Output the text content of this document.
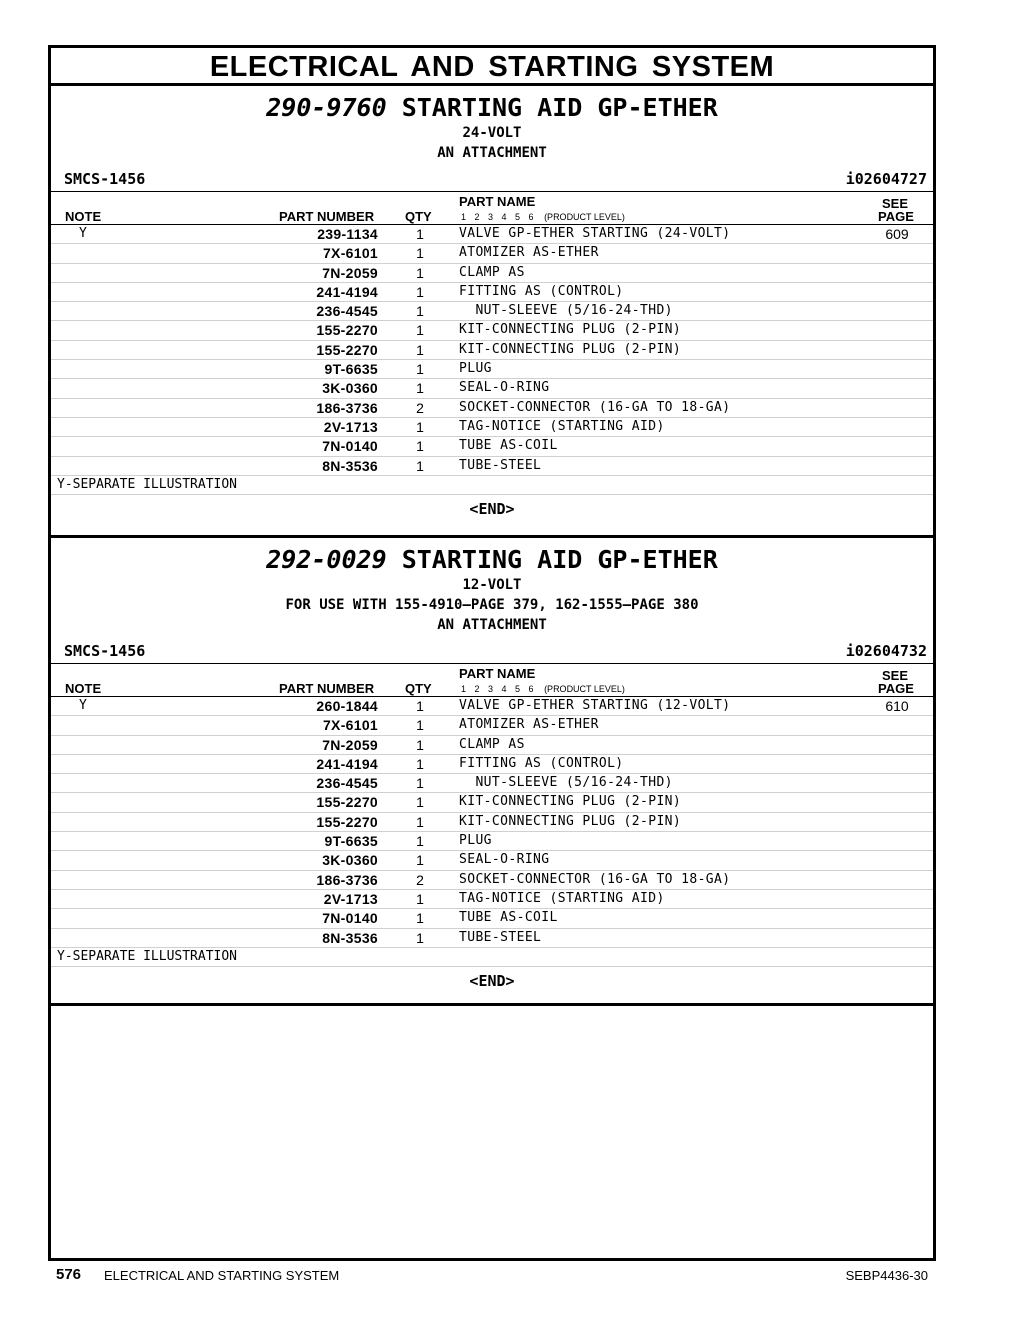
ELECTRICAL AND STARTING SYSTEM
290-9760 STARTING AID GP-ETHER
24-VOLT
AN ATTACHMENT
SMCS-1456	i02604727
NOTE	PART NUMBER QTY
PART NAME
1 2 3 4 5 6 (PRODUCT LEVEL)
SEE
PAGE
Y	239-1134	1	VALVE GP-ETHER STARTING (24-VOLT)	609
7X-6101	1	ATOMIZER AS-ETHER
7N-2059	1	CLAMP AS
241-4194	1	FITTING AS (CONTROL)
236-4545	1	NUT-SLEEVE (5/16-24-THD)
155-2270	1	KIT-CONNECTING PLUG (2-PIN)
155-2270	1	KIT-CONNECTING PLUG (2-PIN)
9T-6635	1	PLUG
3K-0360	1	SEAL-O-RING
186-3736	2	SOCKET-CONNECTOR (16-GA TO 18-GA)
2V-1713	1	TAG-NOTICE (STARTING AID)
7N-0140	1	TUBE AS-COIL
8N-3536	1	TUBE-STEEL
Y-SEPARATE ILLUSTRATION
<END>
292-0029 STARTING AID GP-ETHER
12-VOLT
FOR USE WITH 155-4910—PAGE 379, 162-1555—PAGE 380
AN ATTACHMENT
SMCS-1456	i02604732
NOTE	PART NUMBER QTY
PART NAME
1 2 3 4 5 6 (PRODUCT LEVEL)
SEE
PAGE
Y	260-1844	1	VALVE GP-ETHER STARTING (12-VOLT)	610
7X-6101	1	ATOMIZER AS-ETHER
7N-2059	1	CLAMP AS
241-4194	1	FITTING AS (CONTROL)
236-4545	1	NUT-SLEEVE (5/16-24-THD)
155-2270	1	KIT-CONNECTING PLUG (2-PIN)
155-2270	1	KIT-CONNECTING PLUG (2-PIN)
9T-6635	1	PLUG
3K-0360	1	SEAL-O-RING
186-3736	2	SOCKET-CONNECTOR (16-GA TO 18-GA)
2V-1713	1	TAG-NOTICE (STARTING AID)
7N-0140	1	TUBE AS-COIL
8N-3536	1	TUBE-STEEL
Y-SEPARATE ILLUSTRATION
<END>
576 ELECTRICAL AND STARTING SYSTEM	SEBP4436-30
